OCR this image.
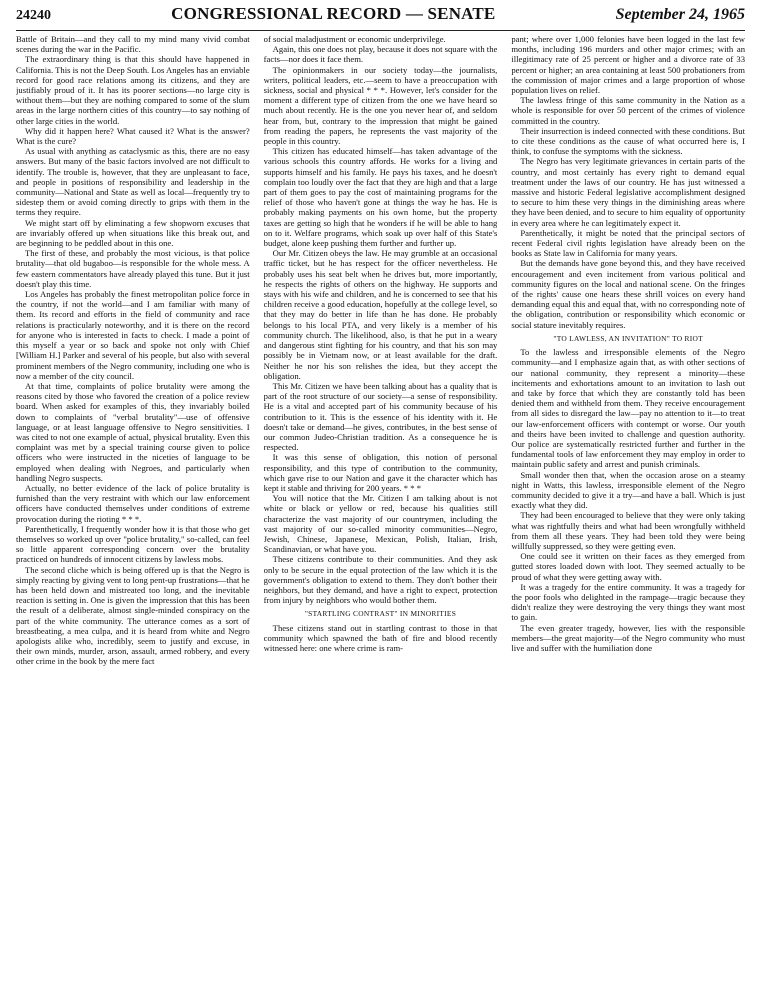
24240	CONGRESSIONAL RECORD — SENATE	September 24, 1965

Battle of Britain—and they call to my mind many vivid combat scenes during the war in the Pacific.

The extraordinary thing is that this should have happened in California. This is not the Deep South. Los Angeles has an enviable record for good race relations among its citizens, and they are justifiably proud of it. It has its poorer sections—no large city is without them—but they are nothing compared to some of the slum areas in the large northern cities of this country—to say nothing of other large cities in the world.

Why did it happen here? What caused it? What is the answer? What is the cure?

As usual with anything as cataclysmic as this, there are no easy answers. But many of the basic factors involved are not difficult to identify. The trouble is, however, that they are unpleasant to face, and people in positions of responsibility and leadership in the community—National and State as well as local—frequently try to sidestep them or avoid coming directly to grips with them in the terms they require.

We might start off by eliminating a few shopworn excuses that are invariably offered up when situations like this break out, and are beginning to be peddled about in this one.

The first of these, and probably the most vicious, is that police brutality—that old bugaboo—is responsible for the whole mess. A few eastern commentators have already played this tune. But it just doesn't play this time.

Los Angeles has probably the finest metropolitan police force in the country, if not the world—and I am familiar with many of them. Its record and efforts in the field of community and race relations is practicularly noteworthy, and it is there on the record for anyone who is interested in facts to check. I made a point of this myself a year or so back and spoke not only with Chief [William H.] Parker and several of his people, but also with several prominent members of the Negro community, including one who is now a member of the city council.

At that time, complaints of police brutality were among the reasons cited by those who favored the creation of a police review board. When asked for examples of this, they invariably boiled down to complaints of "verbal brutality"—use of offensive language, or at least language offensive to Negro sensitivities. I was cited to not one example of actual, physical brutality. Even this complaint was met by a special training course given to police officers who were instructed in the niceties of language to be employed when dealing with Negroes, and particularly when handling Negro suspects.

Actually, no better evidence of the lack of police brutality is furnished than the very restraint with which our law enforcement officers have conducted themselves under conditions of extreme provocation during the rioting * * *.

Parenthetically, I frequently wonder how it is that those who get themselves so worked up over "police brutality," so-called, can feel so little apparent corresponding concern over the brutality practiced on hundreds of innocent citizens by lawless mobs.

The second cliche which is being offered up is that the Negro is simply reacting by giving vent to long pent-up frustrations—that he has been held down and mistreated too long, and the inevitable reaction is setting in. One is given the impression that this has been the result of a deliberate, almost single-minded conspiracy on the part of the white community. The utterance comes as a sort of breastbeating, a mea culpa, and it is heard from white and Negro apologists alike who, incredibly, seem to justify and excuse, in their own minds, murder, arson, assault, armed robbery, and every other crime in the book by the mere fact

of social maladjustment or economic underprivilege.

Again, this one does not play, because it does not square with the facts—nor does it face them.

The opinionmakers in our society today—the journalists, writers, political leaders, etc.—seem to have a preoccupation with sickness, social and physical * * *. However, let's consider for the moment a different type of citizen from the one we have heard so much about recently. He is the one you never hear of, and seldom hear from, but, contrary to the impression that might be gained from reading the papers, he represents the vast majority of the people in this country.

This citizen has educated himself—has taken advantage of the various schools this country affords. He works for a living and supports himself and his family. He pays his taxes, and he doesn't complain too loudly over the fact that they are high and that a large part of them goes to pay the cost of maintaining programs for the relief of those who haven't gone at things the way he has. He is probably making payments on his own home, but the property taxes are getting so high that he wonders if he will be able to hang on to it. Welfare programs, which soak up over half of this State's budget, alone keep pushing them further and further up.

Our Mr. Citizen obeys the law. He may grumble at an occasional traffic ticket, but he has respect for the officer nevertheless. He probably uses his seat belt when he drives but, more importantly, he respects the rights of others on the highway. He supports and stays with his wife and children, and he is concerned to see that his children receive a good education, hopefully at the college level, so that they may do better in life than he has done. He probably belongs to his local PTA, and very likely is a member of his community church. The likelihood, also, is that he put in a weary and dangerous stint fighting for his country, and that his son may possibly be in Vietnam now, or at least available for the draft. Neither he nor his son relishes the idea, but they accept the obligation.

This Mr. Citizen we have been talking about has a quality that is part of the root structure of our society—a sense of responsibility. He is a vital and accepted part of his community because of his contribution to it. This is the essence of his identity with it. He doesn't take or demand—he gives, contributes, in the best sense of our common Judeo-Christian tradition. As a consequence he is respected.

It was this sense of obligation, this notion of personal responsibility, and this type of contribution to the community, which gave rise to our Nation and gave it the character which has kept it stable and thriving for 200 years. * * *

You will notice that the Mr. Citizen I am talking about is not white or black or yellow or red, because his qualities still characterize the vast majority of our countrymen, including the vast majority of our so-called minority communities—Negro, Jewish, Chinese, Japanese, Mexican, Polish, Italian, Irish, Scandinavian, or what have you.

These citizens contribute to their communities. And they ask only to be secure in the equal protection of the law which it is the government's obligation to extend to them. They don't bother their neighbors, but they demand, and have a right to expect, protection from injury by neighbors who would bother them.

"STARTLING CONTRAST" IN MINORITIES

These citizens stand out in startling contrast to those in that community which spawned the bath of fire and blood recently witnessed here: one where crime is ram-

pant; where over 1,000 felonies have been logged in the last few months, including 196 murders and other major crimes; with an illegitimacy rate of 25 percent or higher and a divorce rate of 33 percent or higher; an area containing at least 500 probationers from the commission of major crimes and a large proportion of whose population lives on relief.

The lawless fringe of this same community in the Nation as a whole is responsible for over 50 percent of the crimes of violence committed in the country.

Their insurrection is indeed connected with these conditions. But to cite these conditions as the cause of what occurred here is, I think, to confuse the symptoms with the sickness.

The Negro has very legitimate grievances in certain parts of the country, and most certainly has every right to demand equal treatment under the laws of our country. He has just witnessed a massive and historic Federal legislative accomplishment designed to secure to him these very things in the diminishing areas where they have been denied, and to secure to him equality of opportunity in every area where he can legitimately expect it.

Parenthetically, it might be noted that the principal sectors of recent Federal civil rights legislation have already been on the books as State law in California for many years.

But the demands have gone beyond this, and they have received encouragement and even incitement from various political and community figures on the local and national scene. On the fringes of the rights' cause one hears these shrill voices on every hand demanding equal this and equal that, with no corresponding note of the obligation, contribution or responsibility which economic or social stature inevitably requires.

"TO LAWLESS, AN INVITATION" TO RIOT

To the lawless and irresponsible elements of the Negro community—and I emphasize again that, as with other sections of our national community, they represent a minority—these incitements and exhortations amount to an invitation to lash out and take by force that which they are constantly told has been denied them and withheld from them. They receive encouragement from all sides to disregard the law—pay no attention to it—to treat our law-enforcement officers with contempt or worse. Our youth and theirs have been invited to challenge and question authority. Our police are systematically restricted further and further in the fundamental tools of law enforcement they may employ in order to maintain public safety and arrest and punish criminals.

Small wonder then that, when the occasion arose on a steamy night in Watts, this lawless, irresponsible element of the Negro community decided to give it a try—and have a ball. Which is just exactly what they did.

They had been encouraged to believe that they were only taking what was rightfully theirs and what had been wrongfully withheld from them all these years. They had been told they were being willfully suppressed, so they were getting even.

One could see it written on their faces as they emerged from gutted stores loaded down with loot. They seemed actually to be proud of what they were getting away with.

It was a tragedy for the entire community. It was a tragedy for the poor fools who delighted in the rampage—tragic because they didn't realize they were destroying the very things they want most to gain.

The even greater tragedy, however, lies with the responsible members—the great majority—of the Negro community who must live and suffer with the humiliation done
